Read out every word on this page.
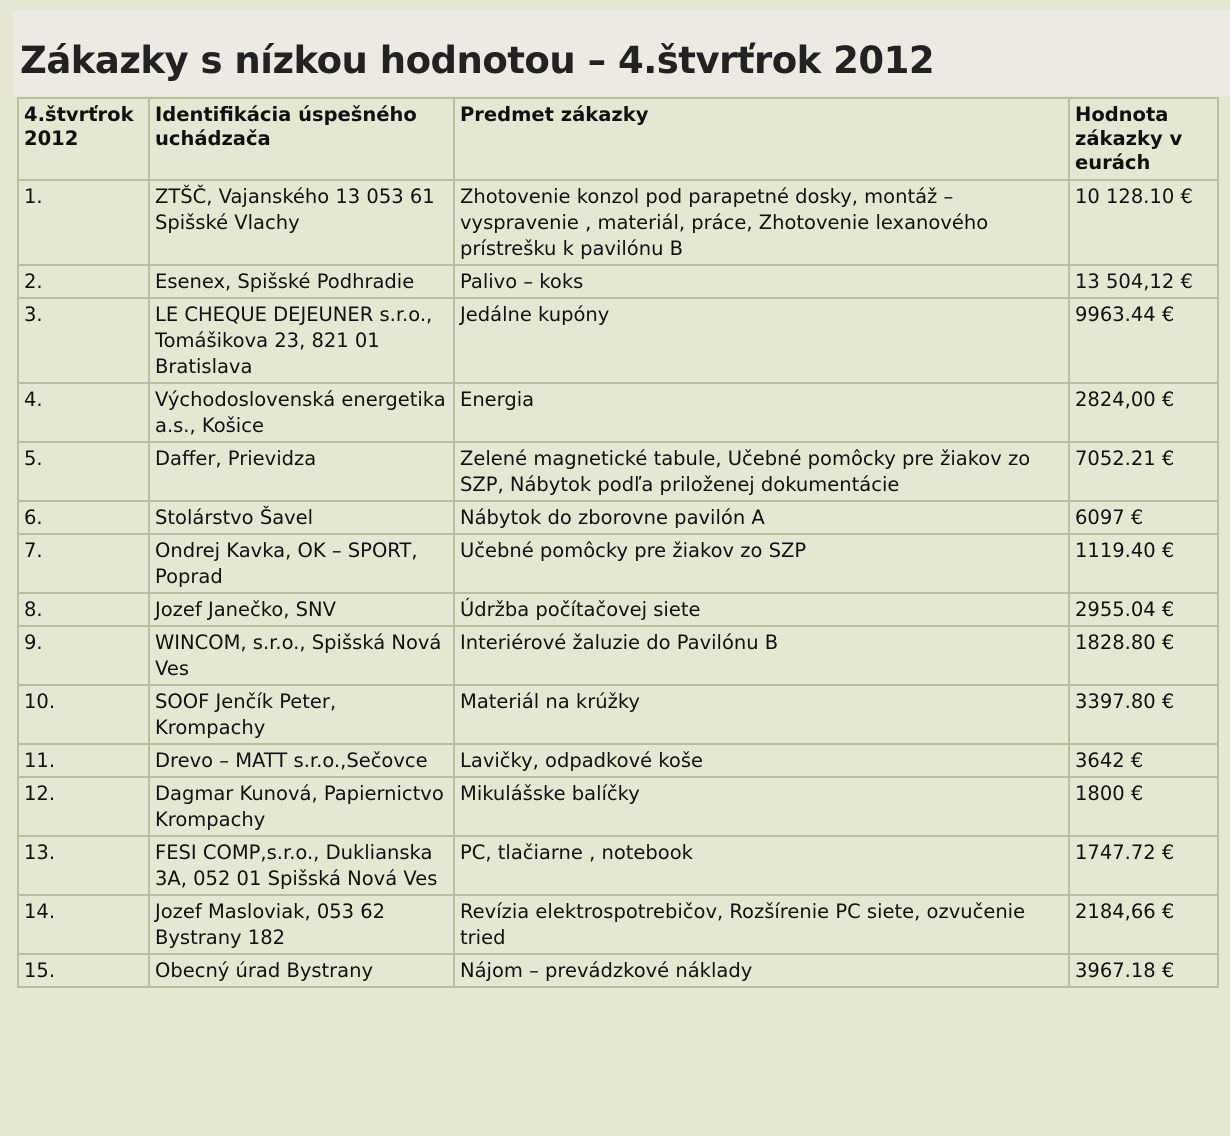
Zákazky s nízkou hodnotou – 4.štvrťrok 2012
4.štvrťrok 2012	Identifikácia úspešného uchádzača	Predmet zákazky	Hodnota zákazky v eurách
1.	ZTŠČ, Vajanského 13 053 61 Spišské Vlachy	Zhotovenie konzol pod parapetné dosky, montáž – vyspravenie , materiál, práce, Zhotovenie lexanového prístrešku k pavilónu B	10 128.10 €
2.	Esenex, Spišské Podhradie	Palivo – koks	13 504,12 €
3.	LE CHEQUE DEJEUNER s.r.o., Tomášikova 23, 821 01 Bratislava	Jedálne kupóny	9963.44 €
4.	Východoslovenská energetika a.s., Košice	Energia	2824,00 €
5.	Daffer, Prievidza	Zelené magnetické tabule, Učebné pomôcky pre žiakov zo SZP, Nábytok podľa priloženej dokumentácie	7052.21 €
6.	Stolárstvo Šavel	Nábytok do zborovne pavilón A	6097 €
7.	Ondrej Kavka, OK – SPORT, Poprad	Učebné pomôcky pre žiakov zo SZP	1119.40 €
8.	Jozef Janečko, SNV	Údržba počítačovej siete	2955.04 €
9.	WINCOM, s.r.o., Spišská Nová Ves	Interiérové žaluzie do Pavilónu B	1828.80 €
10.	SOOF Jenčík Peter, Krompachy	Materiál na krúžky	3397.80 €
11.	Drevo – MATT s.r.o.,Sečovce	Lavičky, odpadkové koše	3642 €
12.	Dagmar Kunová, Papiernictvo Krompachy	Mikulášske balíčky	1800 €
13.	FESI COMP,s.r.o., Duklianska 3A, 052 01 Spišská Nová Ves	PC, tlačiarne , notebook	1747.72 €
14.	Jozef Masloviak, 053 62 Bystrany 182	Revízia elektrospotrebičov, Rozšírenie PC siete, ozvučenie tried	2184,66 €
15.	Obecný úrad Bystrany	Nájom – prevádzkové náklady	3967.18 €
